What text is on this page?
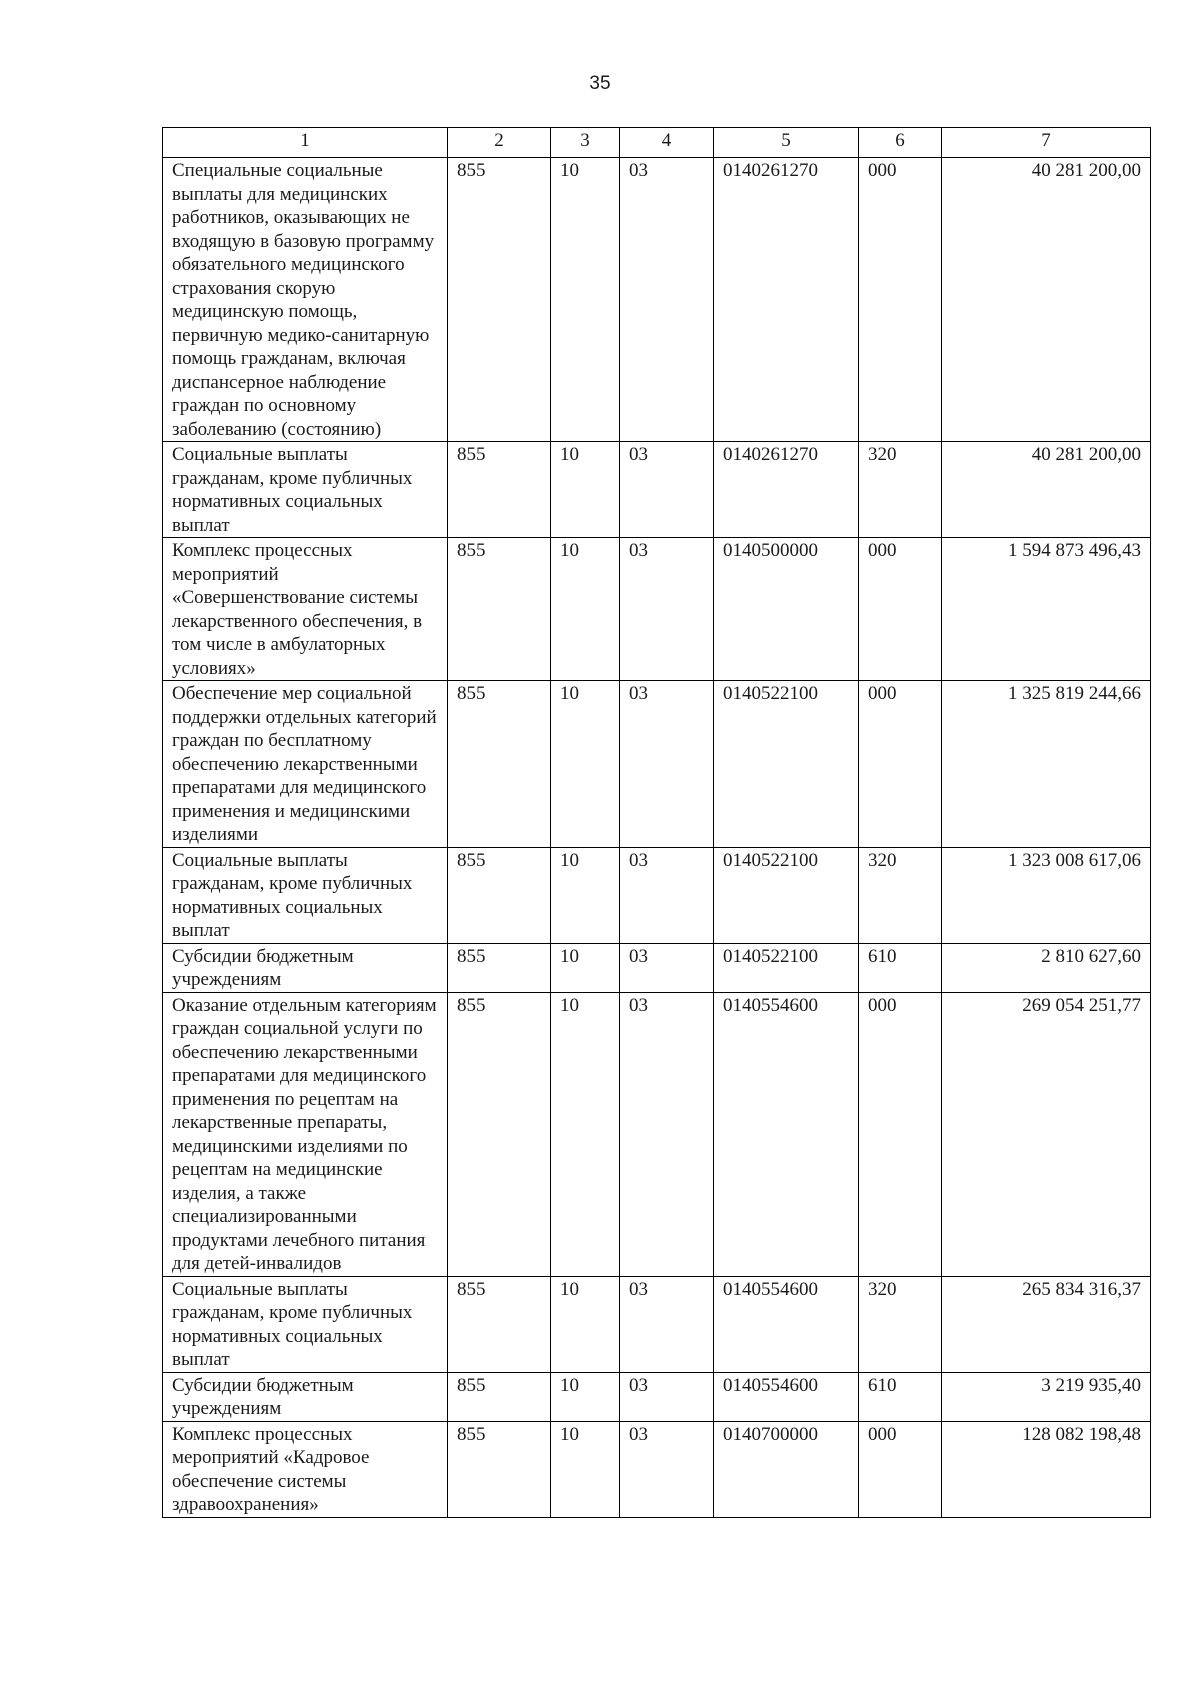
35
1	2	3	4	5	6	7
Специальные социальные выплаты для медицинских работников, оказывающих не входящую в базовую программу обязательного медицинского страхования скорую медицинскую помощь, первичную медико-санитарную помощь гражданам, включая диспансерное наблюдение граждан по основному заболеванию (состоянию)	855	10	03	0140261270	000	40 281 200,00
Социальные выплаты гражданам, кроме публичных нормативных социальных выплат	855	10	03	0140261270	320	40 281 200,00
Комплекс процессных мероприятий «Совершенствование системы лекарственного обеспечения, в том числе в амбулаторных условиях»	855	10	03	0140500000	000	1 594 873 496,43
Обеспечение мер социальной поддержки отдельных категорий граждан по бесплатному обеспечению лекарственными препаратами для медицинского применения и медицинскими изделиями	855	10	03	0140522100	000	1 325 819 244,66
Социальные выплаты гражданам, кроме публичных нормативных социальных выплат	855	10	03	0140522100	320	1 323 008 617,06
Субсидии бюджетным учреждениям	855	10	03	0140522100	610	2 810 627,60
Оказание отдельным категориям граждан социальной услуги по обеспечению лекарственными препаратами для медицинского применения по рецептам на лекарственные препараты, медицинскими изделиями по рецептам на медицинские изделия, а также специализированными продуктами лечебного питания для детей-инвалидов	855	10	03	0140554600	000	269 054 251,77
Социальные выплаты гражданам, кроме публичных нормативных социальных выплат	855	10	03	0140554600	320	265 834 316,37
Субсидии бюджетным учреждениям	855	10	03	0140554600	610	3 219 935,40
Комплекс процессных мероприятий «Кадровое обеспечение системы здравоохранения»	855	10	03	0140700000	000	128 082 198,48
